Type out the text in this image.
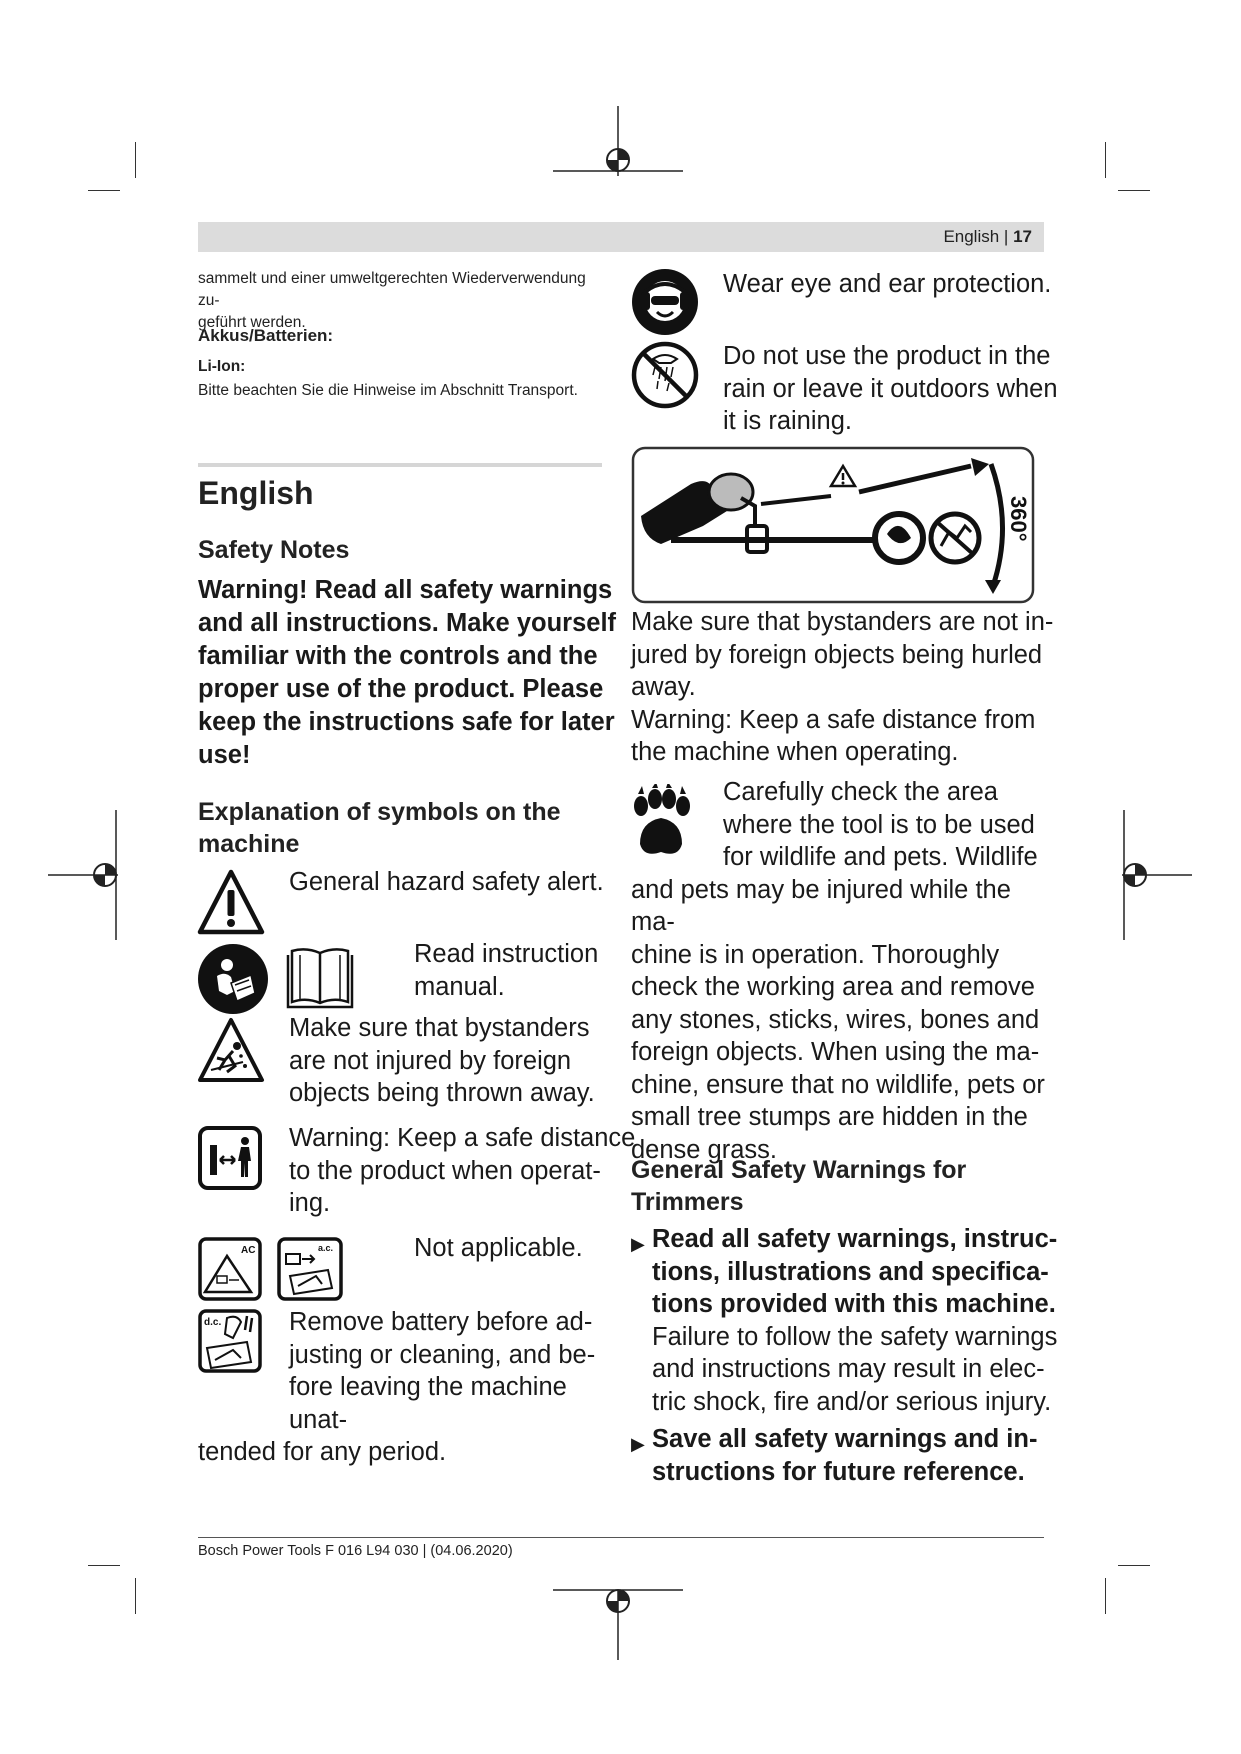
English | 17
sammelt und einer umweltgerechten Wiederverwendung zu-
geführt werden.
Akkus/Batterien:
Li-Ion:
Bitte beachten Sie die Hinweise im Abschnitt Transport.
English
Safety Notes
Warning! Read all safety warnings
and all instructions. Make yourself
familiar with the controls and the
proper use of the product. Please
keep the instructions safe for later
use!
Explanation of symbols on the
machine
General hazard safety alert.
Read instruction
manual.
Make sure that bystanders
are not injured by foreign
objects being thrown away.
Warning: Keep a safe distance
to the product when operat-
ing.
AC	a.c.	Not applicable.
d.c.	Remove battery before ad-
justing or cleaning, and be-
fore leaving the machine unat-
tended for any period.
Wear eye and ear protection.
Do not use the product in the
rain or leave it outdoors when
it is raining.
360°
Make sure that bystanders are not in-
jured by foreign objects being hurled
away.
Warning: Keep a safe distance from
the machine when operating.
Carefully check the area
where the tool is to be used
for wildlife and pets. Wildlife
and pets may be injured while the ma-
chine is in operation. Thoroughly
check the working area and remove
any stones, sticks, wires, bones and
foreign objects. When using the ma-
chine, ensure that no wildlife, pets or
small tree stumps are hidden in the
dense grass.
General Safety Warnings for
Trimmers
▶ Read all safety warnings, instruc-
tions, illustrations and specifica-
tions provided with this machine.
Failure to follow the safety warnings
and instructions may result in elec-
tric shock, fire and/or serious injury.
▶ Save all safety warnings and in-
structions for future reference.
Bosch Power Tools F 016 L94 030 | (04.06.2020)
